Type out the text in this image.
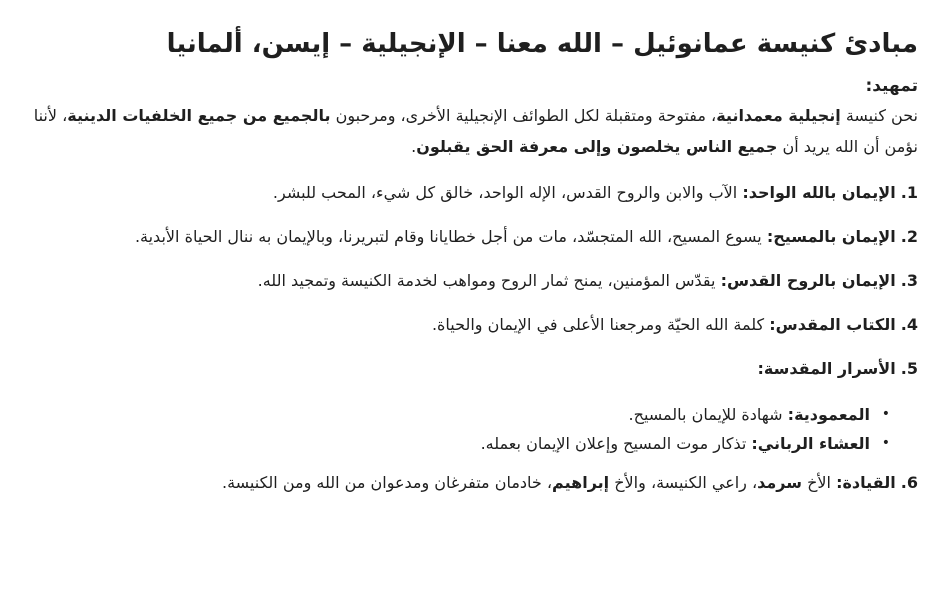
مبادئ كنيسة عمانوئيل – الله معنا – الإنجيلية – إيسن، ألمانيا
تمهيد:

نحن كنيسة إنجيلية معمدانية، مفتوحة ومتقبلة لكل الطوائف الإنجيلية الأخرى، ومرحبون بالجميع من جميع الخلفيات الدينية، لأننا نؤمن أن الله يريد أن جميع الناس يخلصون وإلى معرفة الحق يقبلون.

1. الإيمان بالله الواحد: الآب والابن والروح القدس، الإله الواحد، خالق كل شيء، المحب للبشر.

2. الإيمان بالمسيح: يسوع المسيح، الله المتجسّد، مات من أجل خطايانا وقام لتبريرنا، وبالإيمان به ننال الحياة الأبدية.

3. الإيمان بالروح القدس: يقدّس المؤمنين، يمنح ثمار الروح ومواهب لخدمة الكنيسة وتمجيد الله.

4. الكتاب المقدس: كلمة الله الحيّة ومرجعنا الأعلى في الإيمان والحياة.

5. الأسرار المقدسة:

•
المعمودية: شهادة للإيمان بالمسيح.
•
العشاء الرباني: تذكار موت المسيح وإعلان الإيمان بعمله.

6. القيادة: الأخ سرمد، راعي الكنيسة، والأخ إبراهيم، خادمان متفرغان ومدعوان من الله ومن الكنيسة.
